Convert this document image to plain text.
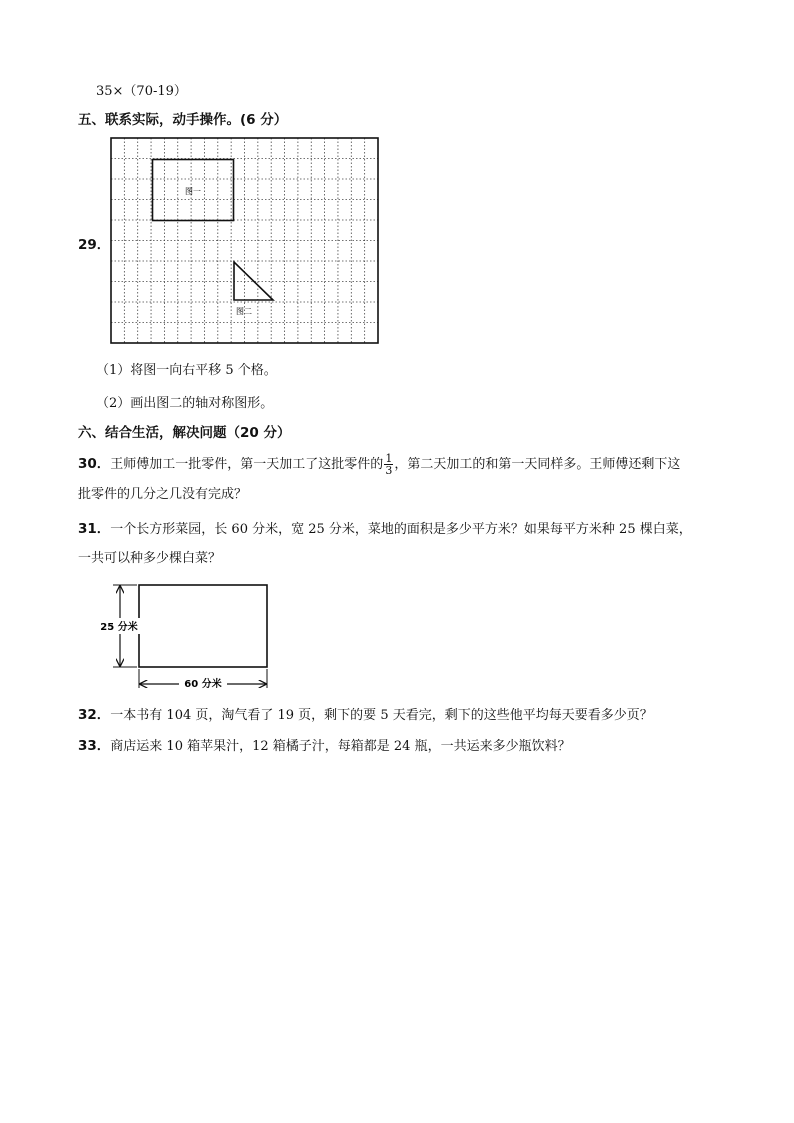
35×（70-19）
五、联系实际，动手操作。(6 分）
29．
图一
图二
（1）将图一向右平移 5 个格。
（2）画出图二的轴对称图形。
六、结合生活，解决问题（20 分）
30．王师傅加工一批零件，第一天加工了这批零件的 $\frac{1}{3}$ ，第二天加工的和第一天同样多。王师傅还剩下这
批零件的几分之几没有完成？
31．一个长方形菜园，长 60 分米，宽 25 分米，菜地的面积是多少平方米？如果每平方米种 25 棵白菜，
一共可以种多少棵白菜？
25 分米
60 分米
32．一本书有 104 页，淘气看了 19 页，剩下的要 5 天看完，剩下的这些他平均每天要看多少页？
33．商店运来 10 箱苹果汁，12 箱橘子汁，每箱都是 24 瓶，一共运来多少瓶饮料？
